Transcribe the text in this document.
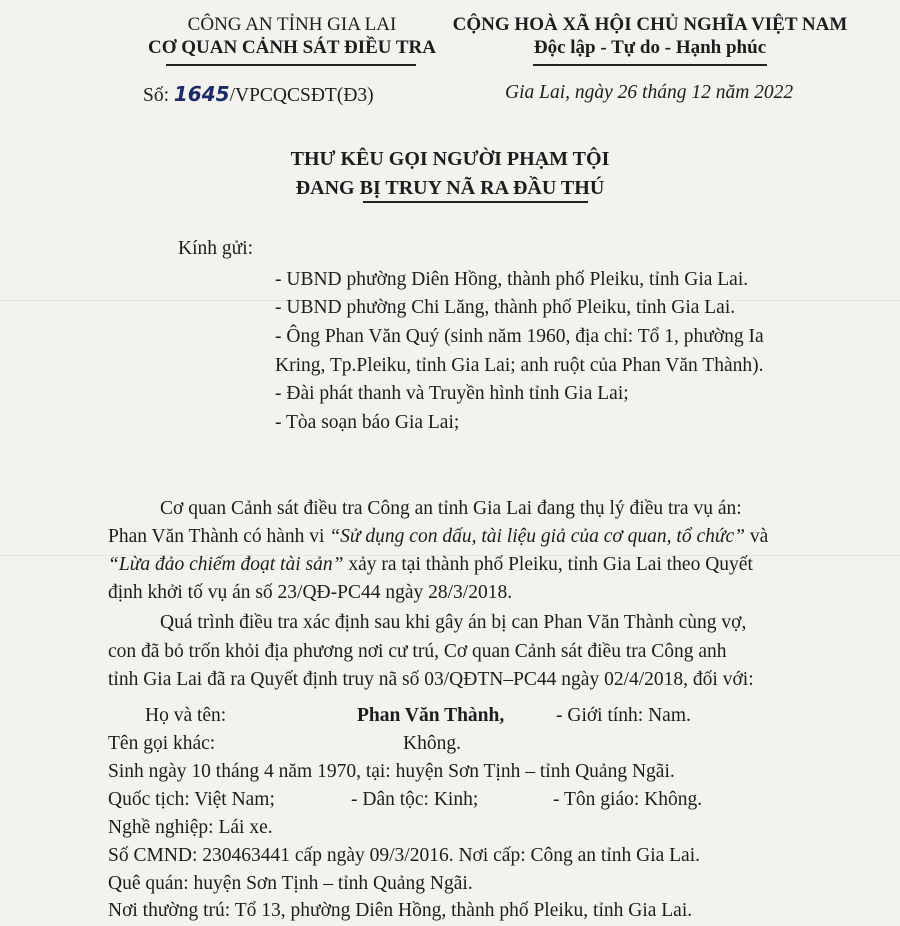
CÔNG AN TỈNH GIA LAI
CƠ QUAN CẢNH SÁT ĐIỀU TRA
CỘNG HOÀ XÃ HỘI CHỦ NGHĨA VIỆT NAM
Độc lập - Tự do - Hạnh phúc
Số: 1645/VPCQCSĐT(Đ3)	Gia Lai, ngày 26 tháng 12 năm 2022
THƯ KÊU GỌI NGƯỜI PHẠM TỘI
ĐANG BỊ TRUY NÃ RA ĐẦU THÚ
Kính gửi:
- UBND phường Diên Hồng, thành phố Pleiku, tỉnh Gia Lai.
- UBND phường Chi Lăng, thành phố Pleiku, tỉnh Gia Lai.
- Ông Phan Văn Quý (sinh năm 1960, địa chỉ: Tổ 1, phường Ia
Kring, Tp.Pleiku, tỉnh Gia Lai; anh ruột của Phan Văn Thành).
- Đài phát thanh và Truyền hình tỉnh Gia Lai;
- Tòa soạn báo Gia Lai;
Cơ quan Cảnh sát điều tra Công an tỉnh Gia Lai đang thụ lý điều tra vụ án:
Phan Văn Thành có hành vi “Sử dụng con dấu, tài liệu giả của cơ quan, tổ chức” và
“Lừa đảo chiếm đoạt tài sản” xảy ra tại thành phố Pleiku, tỉnh Gia Lai theo Quyết
định khởi tố vụ án số 23/QĐ-PC44 ngày 28/3/2018.
Quá trình điều tra xác định sau khi gây án bị can Phan Văn Thành cùng vợ,
con đã bỏ trốn khỏi địa phương nơi cư trú, Cơ quan Cảnh sát điều tra Công anh
tỉnh Gia Lai đã ra Quyết định truy nã số 03/QĐTN–PC44 ngày 02/4/2018, đối với:
Họ và tên:	Phan Văn Thành,	- Giới tính: Nam.
Tên gọi khác:	Không.
Sinh ngày 10 tháng 4 năm 1970, tại: huyện Sơn Tịnh – tỉnh Quảng Ngãi.
Quốc tịch: Việt Nam;	- Dân tộc: Kinh;	- Tôn giáo: Không.
Nghề nghiệp: Lái xe.
Số CMND: 230463441 cấp ngày 09/3/2016. Nơi cấp: Công an tỉnh Gia Lai.
Quê quán: huyện Sơn Tịnh – tỉnh Quảng Ngãi.
Nơi thường trú: Tổ 13, phường Diên Hồng, thành phố Pleiku, tỉnh Gia Lai.
